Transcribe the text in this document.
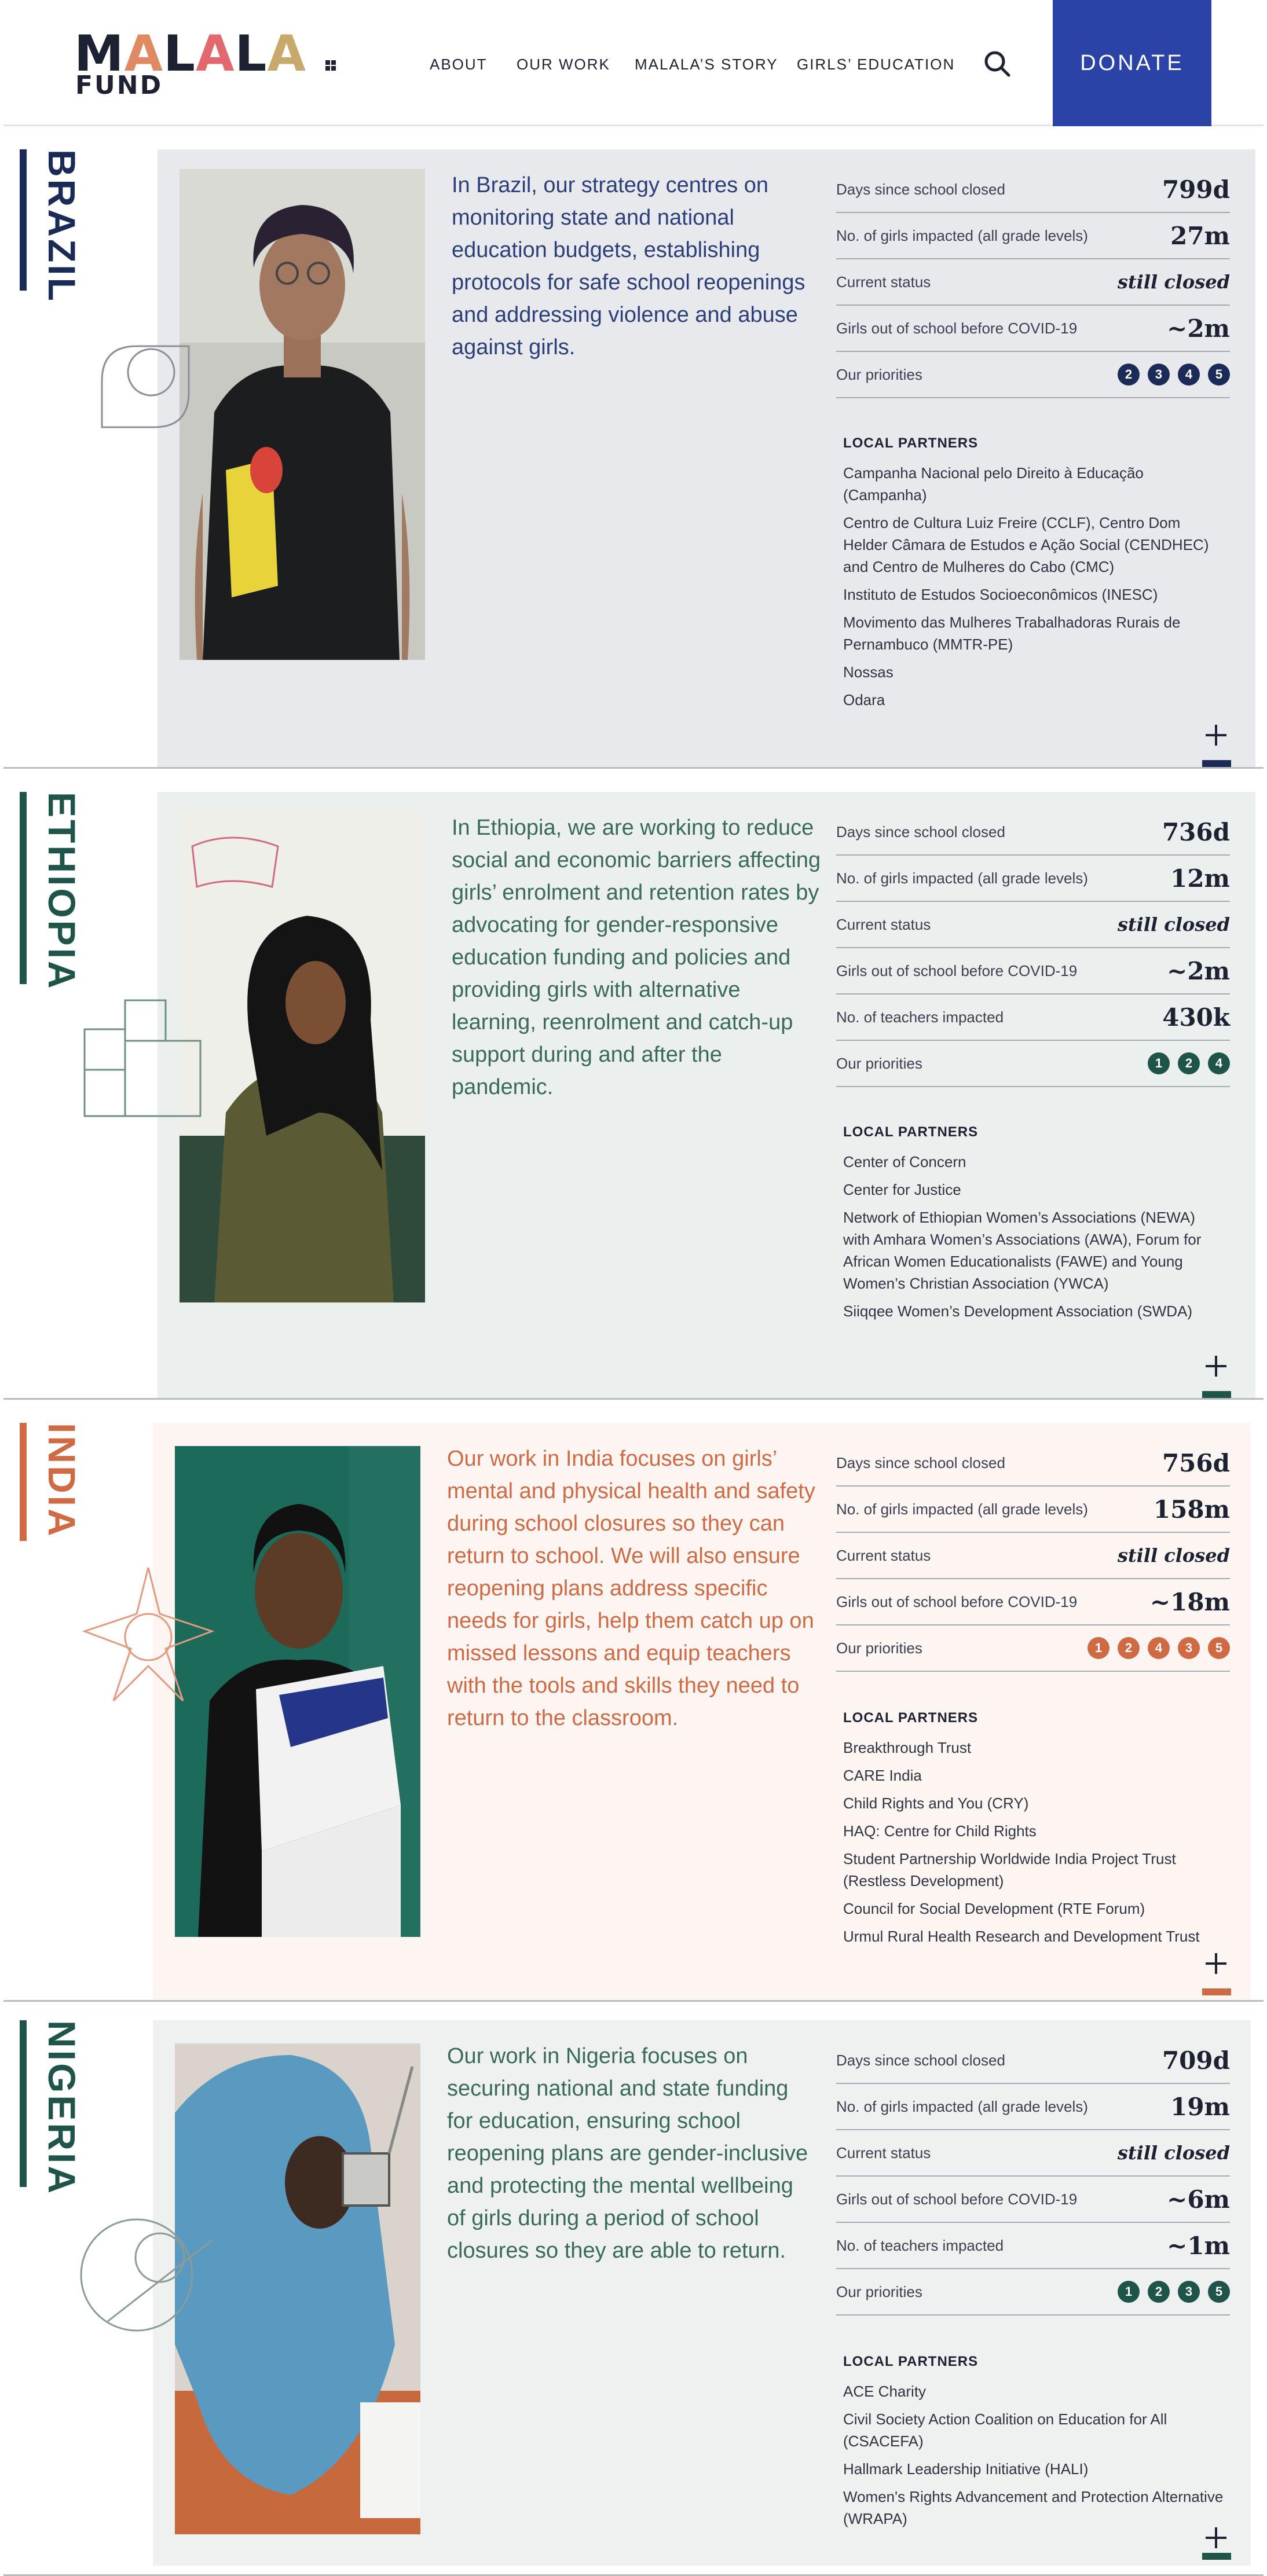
MALALA
FUND
ABOUT OUR WORK MALALA’S STORY GIRLS’ EDUCATION	DONATE
BRAZIL	In Brazil, our strategy centres on monitoring state and national education budgets, establishing protocols for safe school reopenings and addressing violence and abuse against girls.
Days since school closed	799d
No. of girls impacted (all grade levels)	27m
Current status	still closed
Girls out of school before COVID-19	~2m
Our priorities	2	3	4	5
LOCAL PARTNERS
Campanha Nacional pelo Direito à Educação (Campanha)
Centro de Cultura Luiz Freire (CCLF), Centro Dom Helder Câmara de Estudos e Ação Social (CENDHEC) and Centro de Mulheres do Cabo (CMC)
Instituto de Estudos Socioeconômicos (INESC)
Movimento das Mulheres Trabalhadoras Rurais de Pernambuco (MMTR-PE)
Nossas
Odara
ETHIOPIA	In Ethiopia, we are working to reduce social and economic barriers affecting girls’ enrolment and retention rates by advocating for gender-responsive education funding and policies and providing girls with alternative learning, reenrolment and catch-up support during and after the pandemic.
Days since school closed	736d
No. of girls impacted (all grade levels)	12m
Current status	still closed
Girls out of school before COVID-19	~2m
No. of teachers impacted	430k
Our priorities	1	2	4
LOCAL PARTNERS
Center of Concern
Center for Justice
Network of Ethiopian Women’s Associations (NEWA) with Amhara Women’s Associations (AWA), Forum for African Women Educationalists (FAWE) and Young Women’s Christian Association (YWCA)
Siiqqee Women’s Development Association (SWDA)
INDIA	Our work in India focuses on girls’ mental and physical health and safety during school closures so they can return to school. We will also ensure reopening plans address specific needs for girls, help them catch up on missed lessons and equip teachers with the tools and skills they need to return to the classroom.
Days since school closed	756d
No. of girls impacted (all grade levels)	158m
Current status	still closed
Girls out of school before COVID-19	~18m
Our priorities	1	2	4	3	5
LOCAL PARTNERS
Breakthrough Trust
CARE India
Child Rights and You (CRY)
HAQ: Centre for Child Rights
Student Partnership Worldwide India Project Trust (Restless Development)
Council for Social Development (RTE Forum)
Urmul Rural Health Research and Development Trust
NIGERIA	Our work in Nigeria focuses on securing national and state funding for education, ensuring school reopening plans are gender-inclusive and protecting the mental wellbeing of girls during a period of school closures so they are able to return.
Days since school closed	709d
No. of girls impacted (all grade levels)	19m
Current status	still closed
Girls out of school before COVID-19	~6m
No. of teachers impacted	~1m
Our priorities	1	2	3	5
LOCAL PARTNERS
ACE Charity
Civil Society Action Coalition on Education for All (CSACEFA)
Hallmark Leadership Initiative (HALI)
Women's Rights Advancement and Protection Alternative (WRAPA)
